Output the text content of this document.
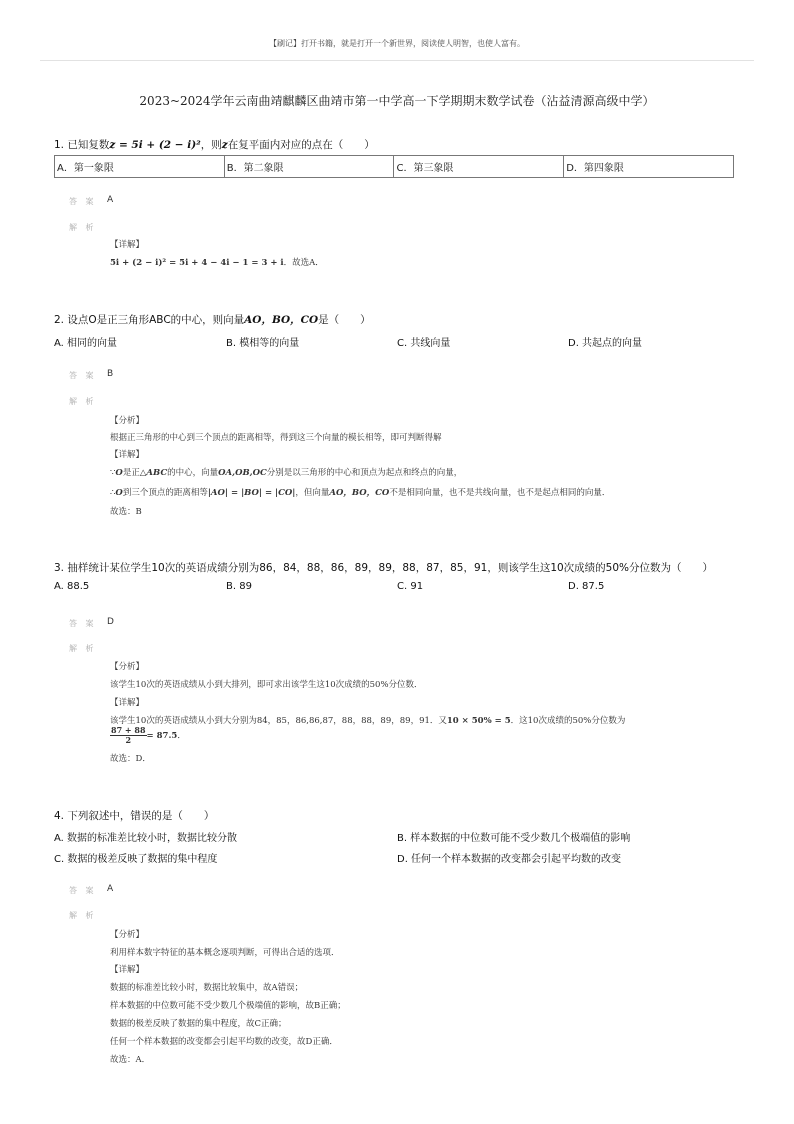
【刷记】打开书籍，就是打开一个新世界，阅读使人明智，也使人富有。
2023~2024学年云南曲靖麒麟区曲靖市第一中学高一下学期期末数学试卷（沾益清源高级中学）
1. 已知复数z = 5i + (2 − i)²，则z在复平面内对应的点在（　　）
A．第一象限	B．第二象限	C．第三象限	D．第四象限
答 案 A
解 析
【详解】
5i + (2 − i)² = 5i + 4 − 4i − 1 = 3 + i．故选A．
2. 设点O是正三角形ABC的中心，则向量AO，BO，CO是（　　）
A. 相同的向量	B. 模相等的向量	C. 共线向量	D. 共起点的向量
答 案 B
解 析
【分析】
根据正三角形的中心到三个顶点的距离相等，得到这三个向量的模长相等，即可判断得解
【详解】
∵O是正△ABC的中心，向量OA,OB,OC分别是以三角形的中心和顶点为起点和终点的向量，
∴O到三个顶点的距离相等|AO| = |BO| = |CO|，但向量AO，BO，CO不是相同向量，也不是共线向量，也不是起点相同的向量．
故选：B
3. 抽样统计某位学生10次的英语成绩分别为86，84，88，86，89，89，88，87，85，91，则该学生这10次成绩的50%分位数为（　　）
A. 88.5	B. 89	C. 91	D. 87.5
答 案 D
解 析
【分析】
该学生10次的英语成绩从小到大排列，即可求出该学生这10次成绩的50%分位数．
【详解】
该学生10次的英语成绩从小到大分别为84，85，86,86,87，88，88，89，89，91．又10 × 50% = 5．这10次成绩的50%分位数为
$\frac{87 + 88}{2} = 87.5$．
故选：D．
4. 下列叙述中，错误的是（　　）
A. 数据的标准差比较小时，数据比较分散	B. 样本数据的中位数可能不受少数几个极端值的影响
C. 数据的极差反映了数据的集中程度	D. 任何一个样本数据的改变都会引起平均数的改变
答 案 A
解 析
【分析】
利用样本数字特征的基本概念逐项判断，可得出合适的选项．
【详解】
数据的标准差比较小时，数据比较集中，故A错误；
样本数据的中位数可能不受少数几个极端值的影响，故B正确；
数据的极差反映了数据的集中程度，故C正确；
任何一个样本数据的改变都会引起平均数的改变，故D正确．
故选：A．
